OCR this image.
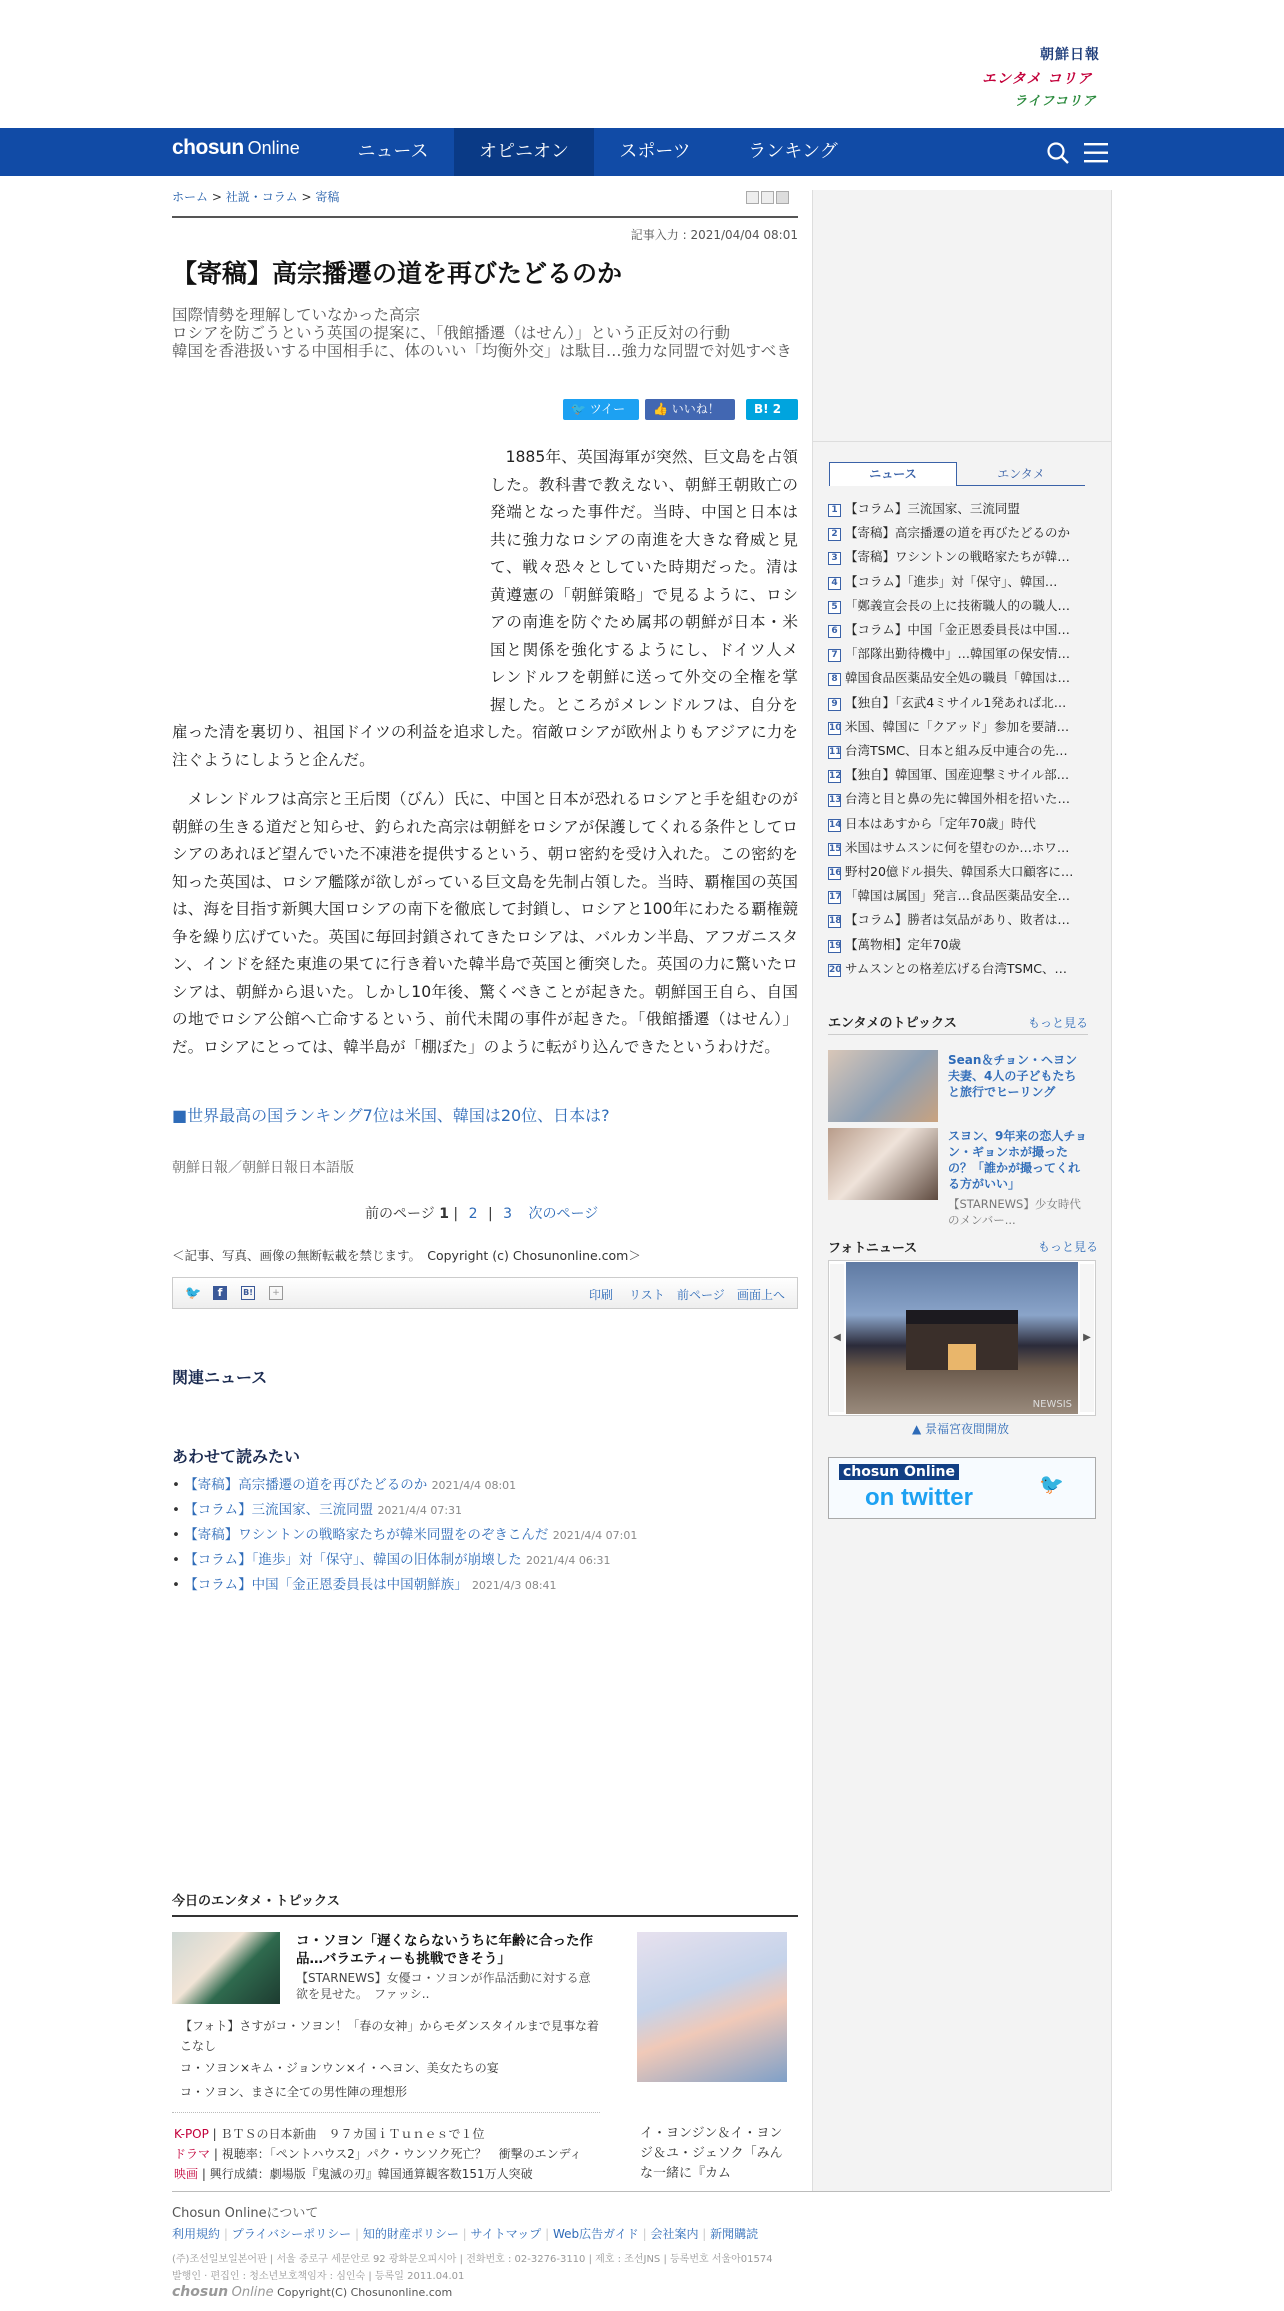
朝鮮日報
エンタメ コリア
ライフコリア
chosun Online	ニュース	オピニオン	スポーツ	ランキング
ホーム > 社説・コラム > 寄稿
記事入力 : 2021/04/04 08:01
【寄稿】高宗播遷の道を再びたどるのか
国際情勢を理解していなかった高宗
ロシアを防ごうという英国の提案に、「俄館播遷（はせん）」という正反対の行動
韓国を香港扱いする中国相手に、体のいい「均衡外交」は駄目…強力な同盟で対処すべき
🐦 ツイート
👍 いいね！ 2
B! 2

1885年、英国海軍が突然、巨文島を占領した。教科書で教えない、朝鮮王朝敗亡の発端となった事件だ。当時、中国と日本は共に強力なロシアの南進を大きな脅威と見て、戦々恐々としていた時期だった。清は黄遵憲の「朝鮮策略」で見るように、ロシアの南進を防ぐため属邦の朝鮮が日本・米国と関係を強化するようにし、ドイツ人メレンドルフを朝鮮に送って外交の全権を掌握した。ところがメレンドルフは、自分を雇った清を裏切り、祖国ドイツの利益を追求した。宿敵ロシアが欧州よりもアジアに力を注ぐようにしようと企んだ。

メレンドルフは高宗と王后閔（びん）氏に、中国と日本が恐れるロシアと手を組むのが朝鮮の生きる道だと知らせ、釣られた高宗は朝鮮をロシアが保護してくれる条件としてロシアのあれほど望んでいた不凍港を提供するという、朝ロ密約を受け入れた。この密約を知った英国は、ロシア艦隊が欲しがっている巨文島を先制占領した。当時、覇権国の英国は、海を目指す新興大国ロシアの南下を徹底して封鎖し、ロシアと100年にわたる覇権競争を繰り広げていた。英国に毎回封鎖されてきたロシアは、バルカン半島、アフガニスタン、インドを経た東進の果てに行き着いた韓半島で英国と衝突した。英国の力に驚いたロシアは、朝鮮から退いた。しかし10年後、驚くべきことが起きた。朝鮮国王自ら、自国の地でロシア公館へ亡命するという、前代未聞の事件が起きた。「俄館播遷（はせん）」だ。ロシアにとっては、韓半島が「棚ぼた」のように転がり込んできたというわけだ。

■世界最高の国ランキング7位は米国、韓国は20位、日本は?
朝鮮日報／朝鮮日報日本語版
前のページ 1 | 2 | 3 次のページ
＜記事、写真、画像の無断転載を禁じます。　Copyright (c) Chosunonline.com＞
🐦	f	B!	+	印刷 リスト 前ページ 画面上へ
関連ニュース
あわせて読みたい
• 【寄稿】高宗播遷の道を再びたどるのか 2021/4/4 08:01
• 【コラム】三流国家、三流同盟 2021/4/4 07:31
• 【寄稿】ワシントンの戦略家たちが韓米同盟をのぞきこんだ 2021/4/4 07:01
• 【コラム】「進歩」対「保守」、韓国の旧体制が崩壊した 2021/4/4 06:31
• 【コラム】中国「金正恩委員長は中国朝鮮族」 2021/4/3 08:41
今日のエンタメ・トピックス
コ・ソヨン「遅くならないうちに年齢に合った作品…バラエティーも挑戦できそう」
【STARNEWS】女優コ・ソヨンが作品活動に対する意欲を見せた。　ファッシ..
【フォト】さすがコ・ソヨン！「春の女神」からモダンスタイルまで見事な着こなし
コ・ソヨン×キム・ジョンウン×イ・ヘヨン、美女たちの宴
コ・ソヨン、まさに全ての男性陣の理想形
K-POP | ＢＴＳの日本新曲　９７カ国ｉＴｕｎｅｓで１位
ドラマ | 視聴率：「ペントハウス2」パク・ウンソク死亡？　衝撃のエンディ
映画 | 興行成績：劇場版『鬼滅の刃』韓国通算観客数151万人突破
イ・ヨンジン＆イ・ヨンジ＆ユ・ジェソク「みんな一緒に『カム
ニュース	エンタメ
1 【コラム】三流国家、三流同盟
2 【寄稿】高宗播遷の道を再びたどるのか
3 【寄稿】ワシントンの戦略家たちが韓…
4 【コラム】「進歩」対「保守」、韓国…
5 「鄭義宣会長の上に技術職人的の職人…
6 【コラム】中国「金正恩委員長は中国…
7 「部隊出勤待機中」…韓国軍の保安情…
8 韓国食品医薬品安全処の職員「韓国は…
9 【独自】「玄武4ミサイル1発あれば北…
10 米国、韓国に「クアッド」参加を要請…
11 台湾TSMC、日本と組み反中連合の先…
12 【独自】韓国軍、国産迎撃ミサイル部…
13 台湾と目と鼻の先に韓国外相を招いた…
14 日本はあすから「定年70歳」時代
15 米国はサムスンに何を望むのか…ホワ…
16 野村20億ドル損失、韓国系大口顧客に…
17 「韓国は属国」発言…食品医薬品安全…
18 【コラム】勝者は気品があり、敗者は…
19 【萬物相】定年70歳
20 サムスンとの格差広げる台湾TSMC、…
エンタメのトピックス	もっと見る
Sean＆チョン・ヘヨン夫妻、4人の子どもたちと旅行でヒーリング
スヨン、9年来の恋人チョン・ギョンホが撮ったの？「誰かが撮ってくれる方がいい」
【STARNEWS】少女時代のメンバー...
フォトニュース	もっと見る
◀
NEWSIS
▶
▲ 景福宮夜間開放
chosun Online
on twitter	🐦
Chosun Onlineについて
利用規約 | プライバシーポリシー | 知的財産ポリシー | サイトマップ | Web広告ガイド | 会社案内 | 新聞購読
(주)조선일보일본어판 | 서울 중로구 세문안로 92 광화문오피시아 | 전화번호 : 02-3276-3110 | 제호 : 조선JNS | 등록번호 서울아01574
발행인 · 편집인 : 청소년보호책임자 : 심인숙 | 등록일 2011.04.01
chosun Online Copyright(C) Chosunonline.com
